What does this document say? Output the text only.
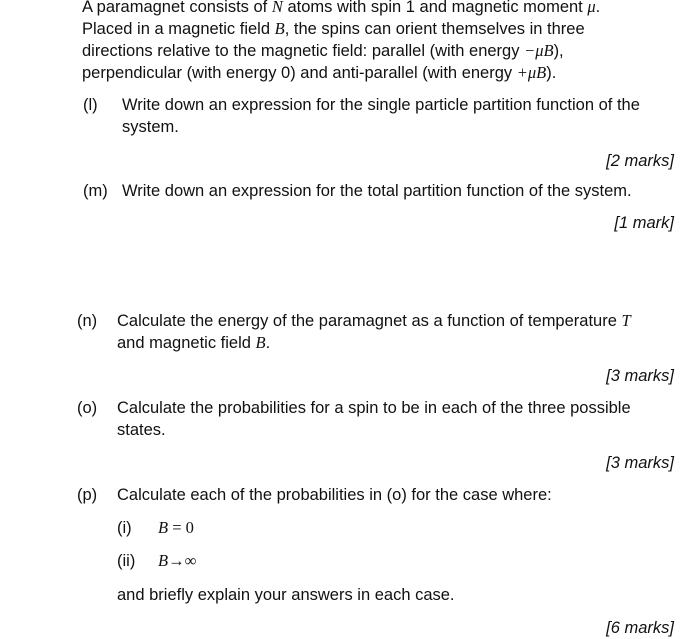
A paramagnet consists of N atoms with spin 1 and magnetic moment μ.
Placed in a magnetic field B, the spins can orient themselves in three
directions relative to the magnetic field: parallel (with energy −μB),
perpendicular (with energy 0) and anti-parallel (with energy +μB).
(l) Write down an expression for the single particle partition function of the
system.
[2 marks]
(m) Write down an expression for the total partition function of the system.
[1 mark]
(n) Calculate the energy of the paramagnet as a function of temperature T
and magnetic field B.
[3 marks]
(o) Calculate the probabilities for a spin to be in each of the three possible
states.
[3 marks]
(p) Calculate each of the probabilities in (o) for the case where:
(i) B = 0
(ii) B→∞
and briefly explain your answers in each case.
[6 marks]
